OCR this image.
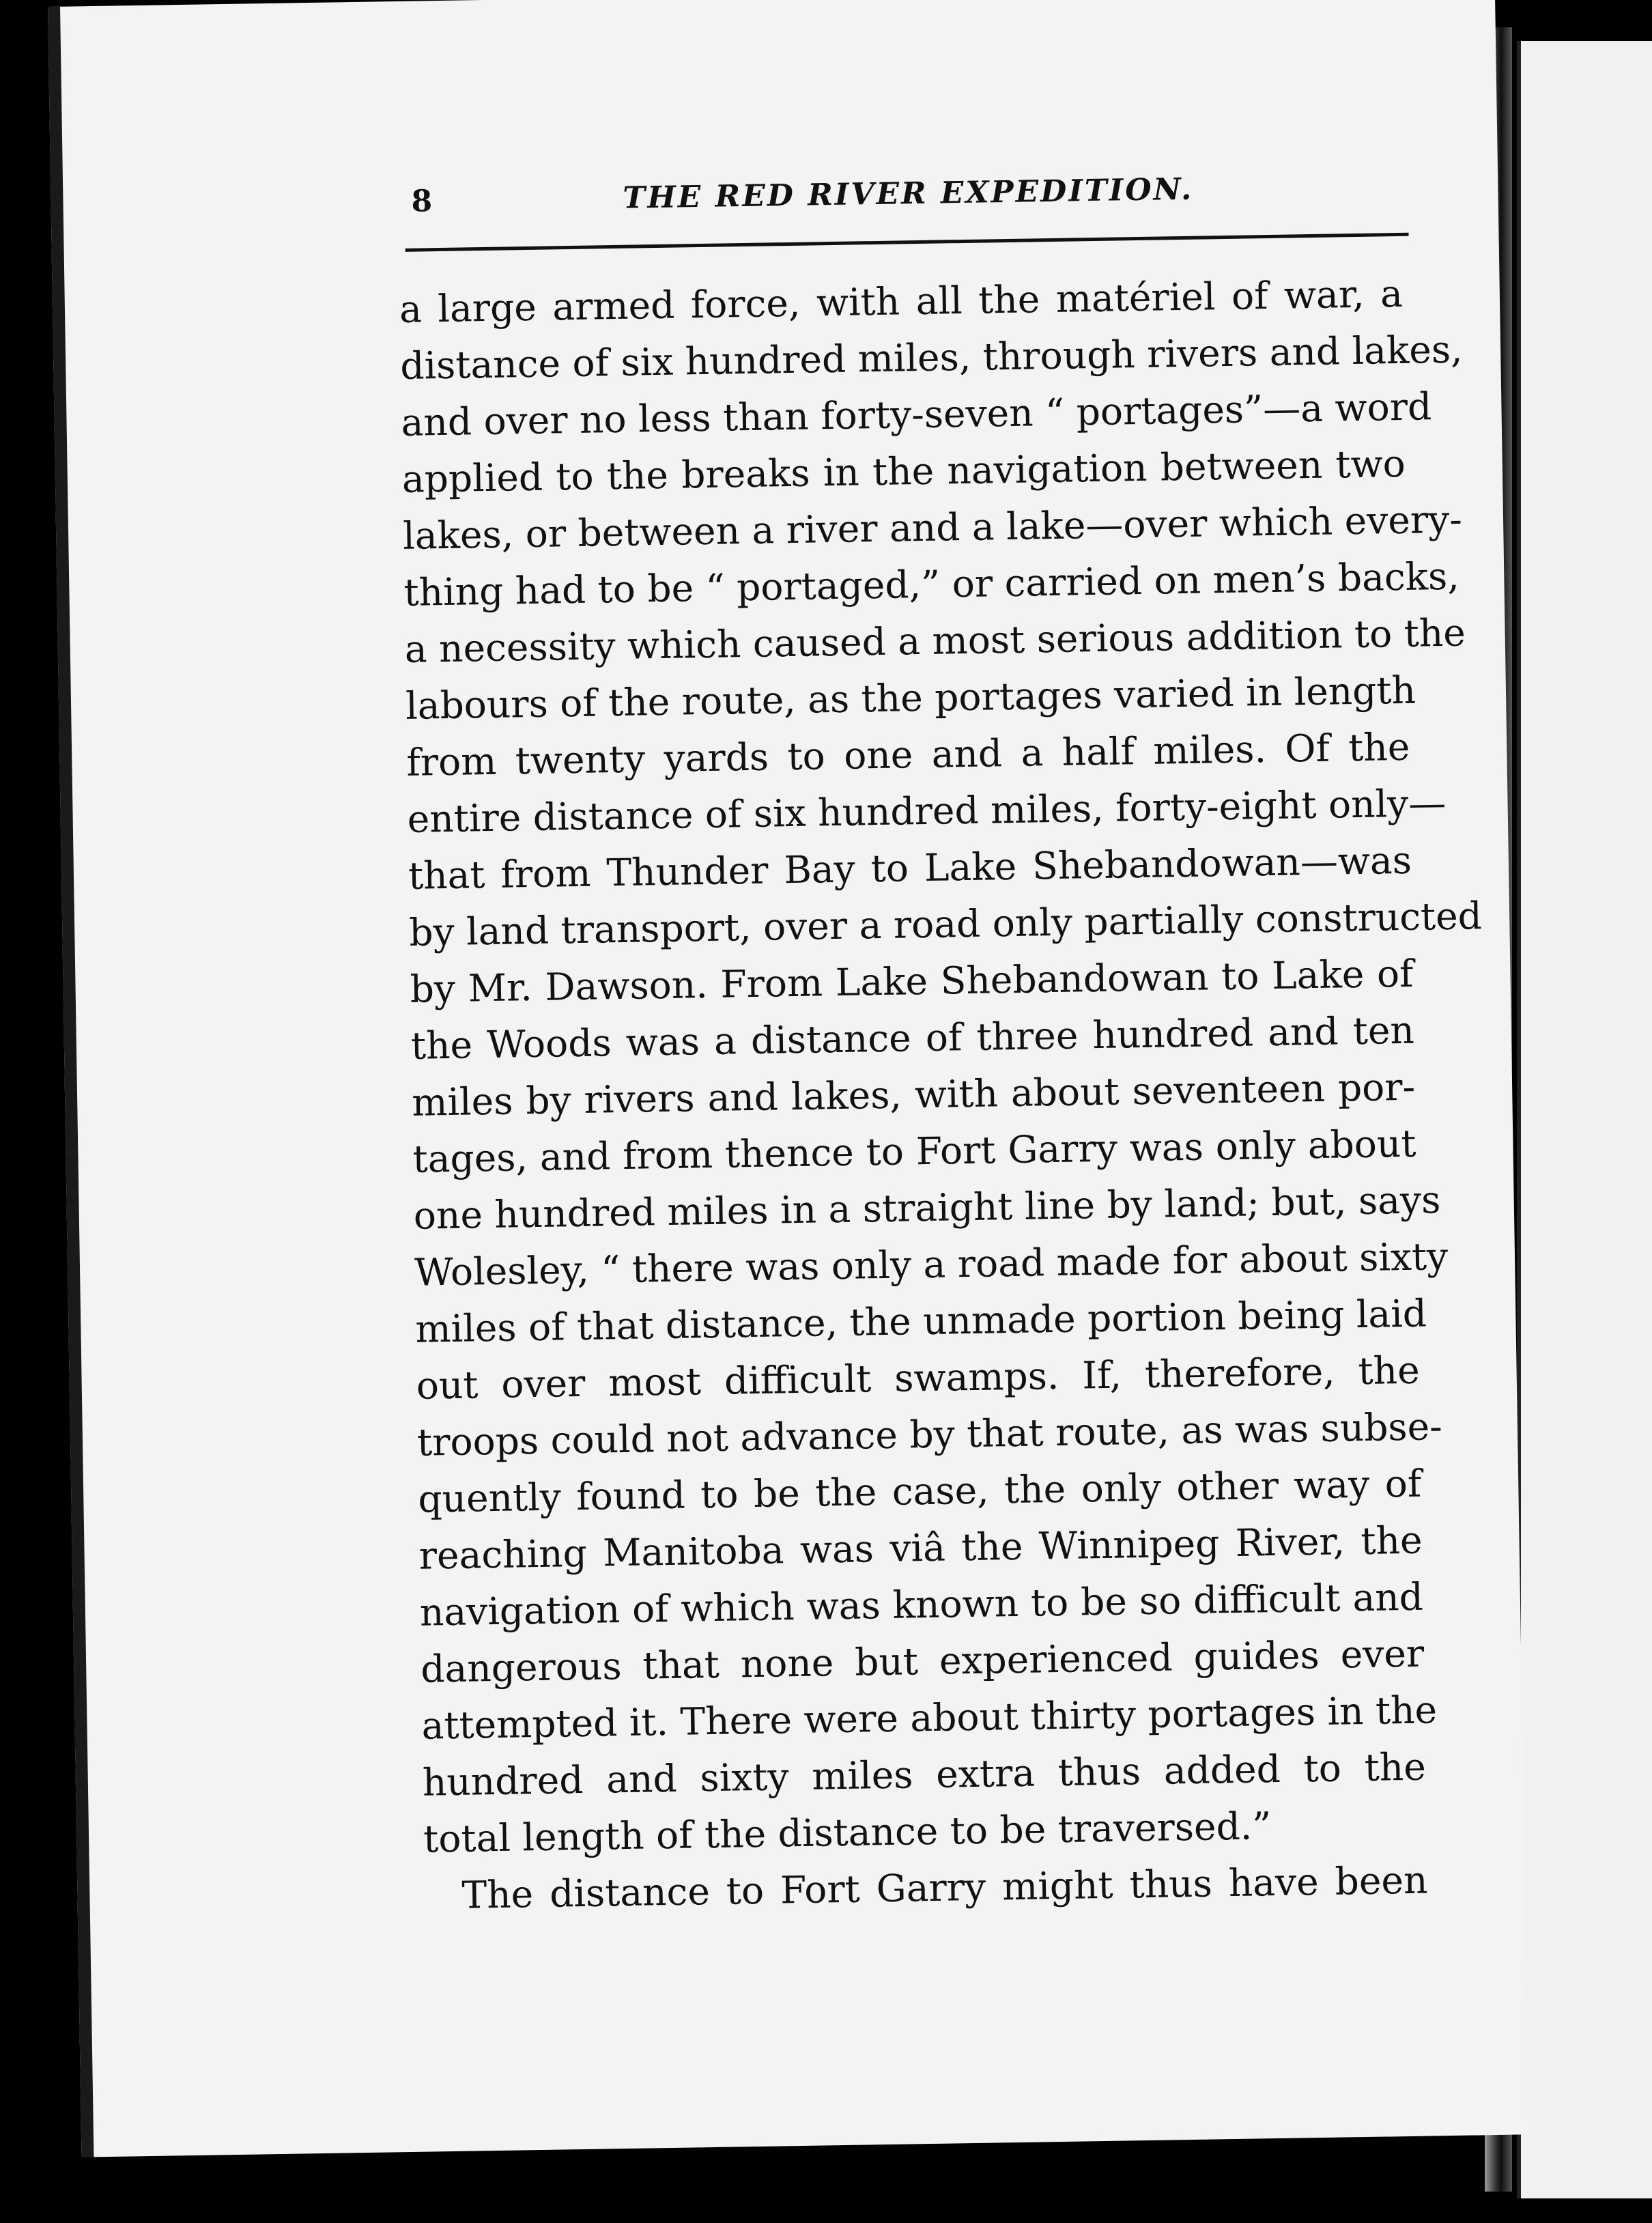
8	THE RED RIVER EXPEDITION.
a large armed force, with all the matériel of war, a
distance of six hundred miles, through rivers and lakes,
and over no less than forty-seven “ portages”—a word
applied to the breaks in the navigation between two
lakes, or between a river and a lake—over which every-
thing had to be “ portaged,” or carried on men’s backs,
a necessity which caused a most serious addition to the
labours of the route, as the portages varied in length
from twenty yards to one and a half miles. Of the
entire distance of six hundred miles, forty-eight only—
that from Thunder Bay to Lake Shebandowan—was
by land transport, over a road only partially constructed
by Mr. Dawson. From Lake Shebandowan to Lake of
the Woods was a distance of three hundred and ten
miles by rivers and lakes, with about seventeen por-
tages, and from thence to Fort Garry was only about
one hundred miles in a straight line by land; but, says
Wolesley, “ there was only a road made for about sixty
miles of that distance, the unmade portion being laid
out over most difficult swamps. If, therefore, the
troops could not advance by that route, as was subse-
quently found to be the case, the only other way of
reaching Manitoba was viâ the Winnipeg River, the
navigation of which was known to be so difficult and
dangerous that none but experienced guides ever
attempted it. There were about thirty portages in the
hundred and sixty miles extra thus added to the
total length of the distance to be traversed.”
The distance to Fort Garry might thus have been
